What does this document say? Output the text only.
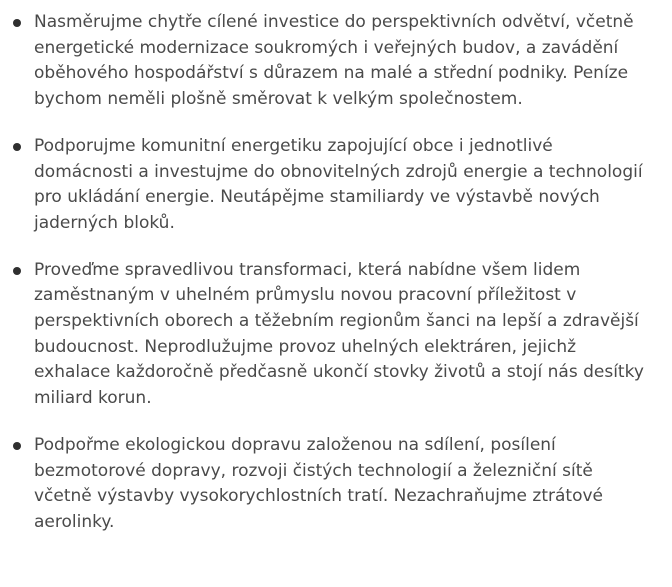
Nasměrujme chytře cílené investice do perspektivních odvětví, včetně energetické modernizace soukromých i veřejných budov, a zavádění oběhového hospodářství s důrazem na malé a střední podniky. Peníze bychom neměli plošně směrovat k velkým společnostem.
Podporujme komunitní energetiku zapojující obce i jednotlivé domácnosti a investujme do obnovitelných zdrojů energie a technologií pro ukládání energie. Neutápějme stamiliardy ve výstavbě nových jaderných bloků.
Proveďme spravedlivou transformaci, která nabídne všem lidem zaměstnaným v uhelném průmyslu novou pracovní příležitost v perspektivních oborech a těžebním regionům šanci na lepší a zdravější budoucnost. Neprodlužujme provoz uhelných elektráren, jejichž exhalace každoročně předčasně ukončí stovky životů a stojí nás desítky miliard korun.
Podpořme ekologickou dopravu založenou na sdílení, posílení bezmotorové dopravy, rozvoji čistých technologií a železniční sítě včetně výstavby vysokorychlostních tratí. Nezachraňujme ztrátové aerolinky.
